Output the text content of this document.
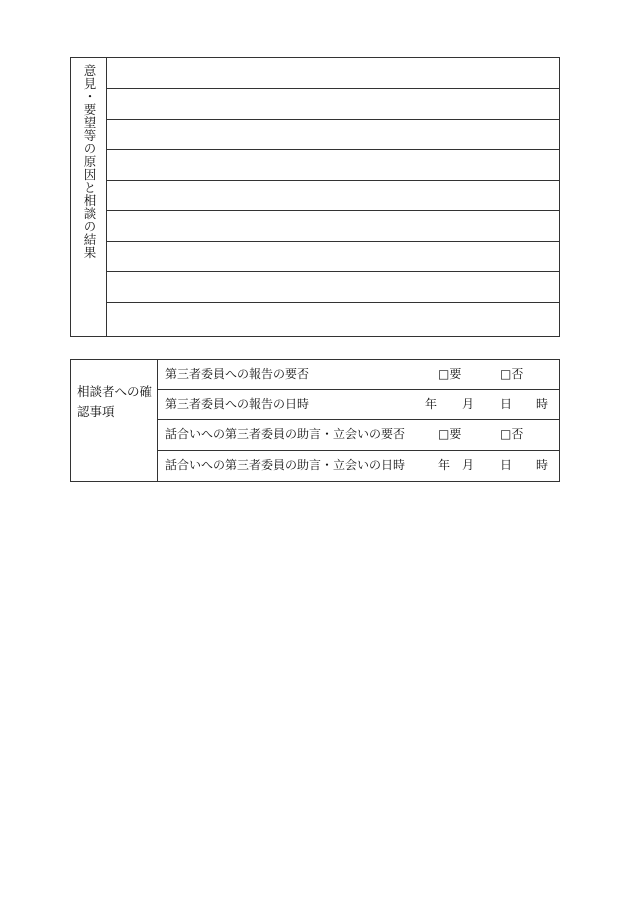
意見・要望等の原因と相談の結果
相談者への確認事項
第三者委員への報告の要否	□要	□否
第三者委員への報告の日時	年 月 日 時
話合いへの第三者委員の助言・立会いの要否	□要	□否
話合いへの第三者委員の助言・立会いの日時	年 月 日 時
